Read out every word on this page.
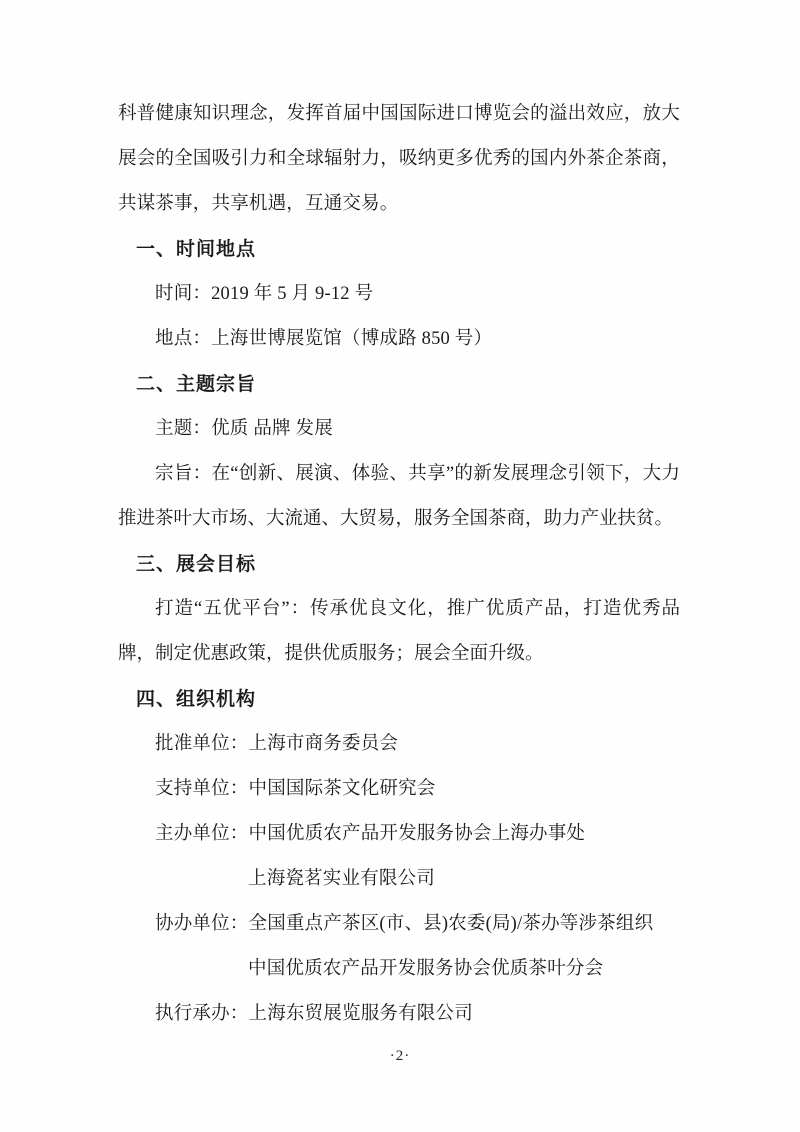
科普健康知识理念，发挥首届中国国际进口博览会的溢出效应，放大展会的全国吸引力和全球辐射力，吸纳更多优秀的国内外茶企茶商，共谋茶事，共享机遇，互通交易。

一、时间地点

时间：2019 年 5 月 9-12 号

地点：上海世博展览馆（博成路 850 号）

二、主题宗旨

主题：优质 品牌 发展

宗旨：在“创新、展演、体验、共享”的新发展理念引领下，大力推进茶叶大市场、大流通、大贸易，服务全国茶商，助力产业扶贫。

三、展会目标

打造“五优平台”：传承优良文化，推广优质产品，打造优秀品牌，制定优惠政策，提供优质服务；展会全面升级。

四、组织机构

批准单位：上海市商务委员会

支持单位：中国国际茶文化研究会

主办单位：中国优质农产品开发服务协会上海办事处

上海瓷茗实业有限公司

协办单位：全国重点产茶区(市、县)农委(局)/茶办等涉茶组织

中国优质农产品开发服务协会优质茶叶分会

执行承办：上海东贸展览服务有限公司

·2·
